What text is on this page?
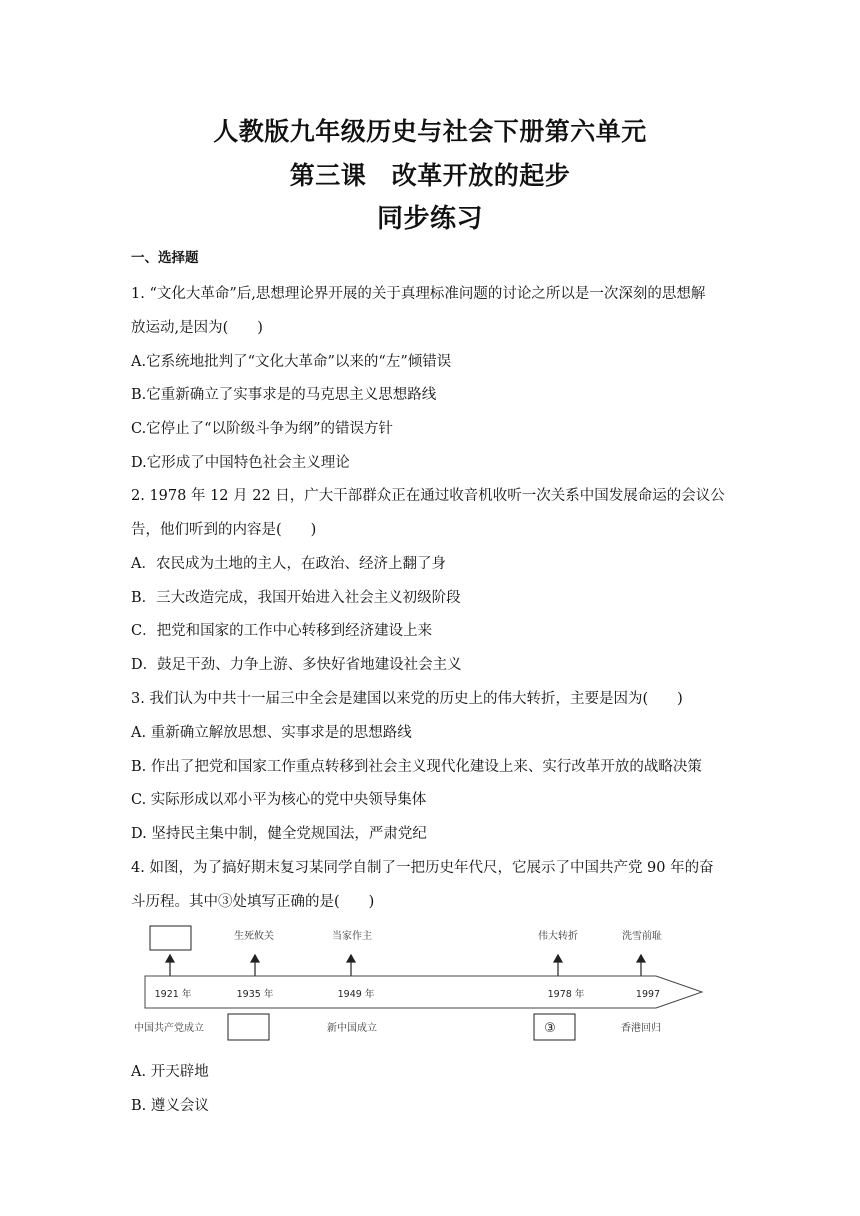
人教版九年级历史与社会下册第六单元
第三课　改革开放的起步
同步练习
一、选择题
1. “文化大革命”后,思想理论界开展的关于真理标准问题的讨论之所以是一次深刻的思想解
放运动,是因为(　　)
A.它系统地批判了“文化大革命”以来的“左”倾错误
B.它重新确立了实事求是的马克思主义思想路线
C.它停止了“以阶级斗争为纲”的错误方针
D.它形成了中国特色社会主义理论
2. 1978 年 12 月 22 日，广大干部群众正在通过收音机收听一次关系中国发展命运的会议公
告，他们听到的内容是(　　)
A．农民成为土地的主人，在政治、经济上翻了身
B．三大改造完成，我国开始进入社会主义初级阶段
C．把党和国家的工作中心转移到经济建设上来
D．鼓足干劲、力争上游、多快好省地建设社会主义
3. 我们认为中共十一届三中全会是建国以来党的历史上的伟大转折，主要是因为(　　)
A. 重新确立解放思想、实事求是的思想路线
B. 作出了把党和国家工作重点转移到社会主义现代化建设上来、实行改革开放的战略决策
C. 实际形成以邓小平为核心的党中央领导集体
D. 坚持民主集中制，健全党规国法，严肃党纪
4. 如图，为了搞好期末复习某同学自制了一把历史年代尺，它展示了中国共产党 90 年的奋
斗历程。其中③处填写正确的是(　　)
生死攸关	当家作主	伟大转折	洗雪前耻
1921 年	1935 年	1949 年	1978 年	1997
中国共产党成立	新中国成立	③	香港回归
A. 开天辟地
B. 遵义会议
